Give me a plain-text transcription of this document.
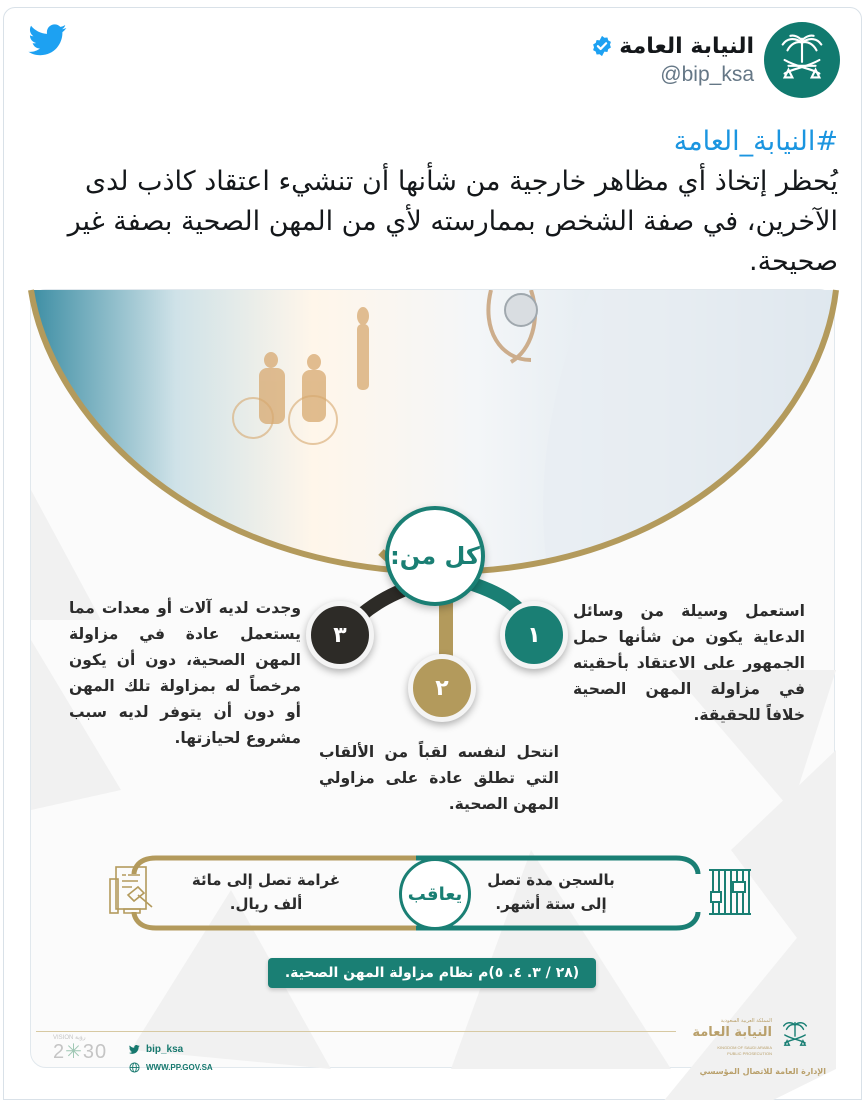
النيابة العامة
@bip_ksa
#النيابة_العامة
يُحظر إتخاذ أي مظاهر خارجية من شأنها أن تنشيء اعتقاد كاذب لدى الآخرين، في صفة الشخص بممارسته لأي من المهن الصحية بصفة غير صحيحة.
كل من:
١
٢
٣
استعمل وسيلة من وسائل الدعاية يكون من شأنها حمل الجمهور على الاعتقاد بأحقيته في مزاولة المهن الصحية خلافاً للحقيقة.
انتحل لنفسه لقباً من الألقاب التي تطلق عادة على مزاولي المهن الصحية.
وجدت لديه آلات أو معدات مما يستعمل عادة في مزاولة المهن الصحية، دون أن يكون مرخصاً له بمزاولة تلك المهن أو دون أن يتوفر لديه سبب مشروع لحيازتها.
يعاقب
بالسجن مدة تصل إلى ستة أشهر.
غرامة تصل إلى مائة ألف ريال.
(٢٨ / ٣. ٤. ٥)م نظام مزاولة المهن الصحية.
VISION رؤية
2✳30	bip_ksa
WWW.PP.GOV.SA
المملكة العربية السعودية
النيابة العامة
KINGDOM OF SAUDI ARABIA
PUBLIC PROSECUTION
الإدارة العامة للاتصال المؤسسي
